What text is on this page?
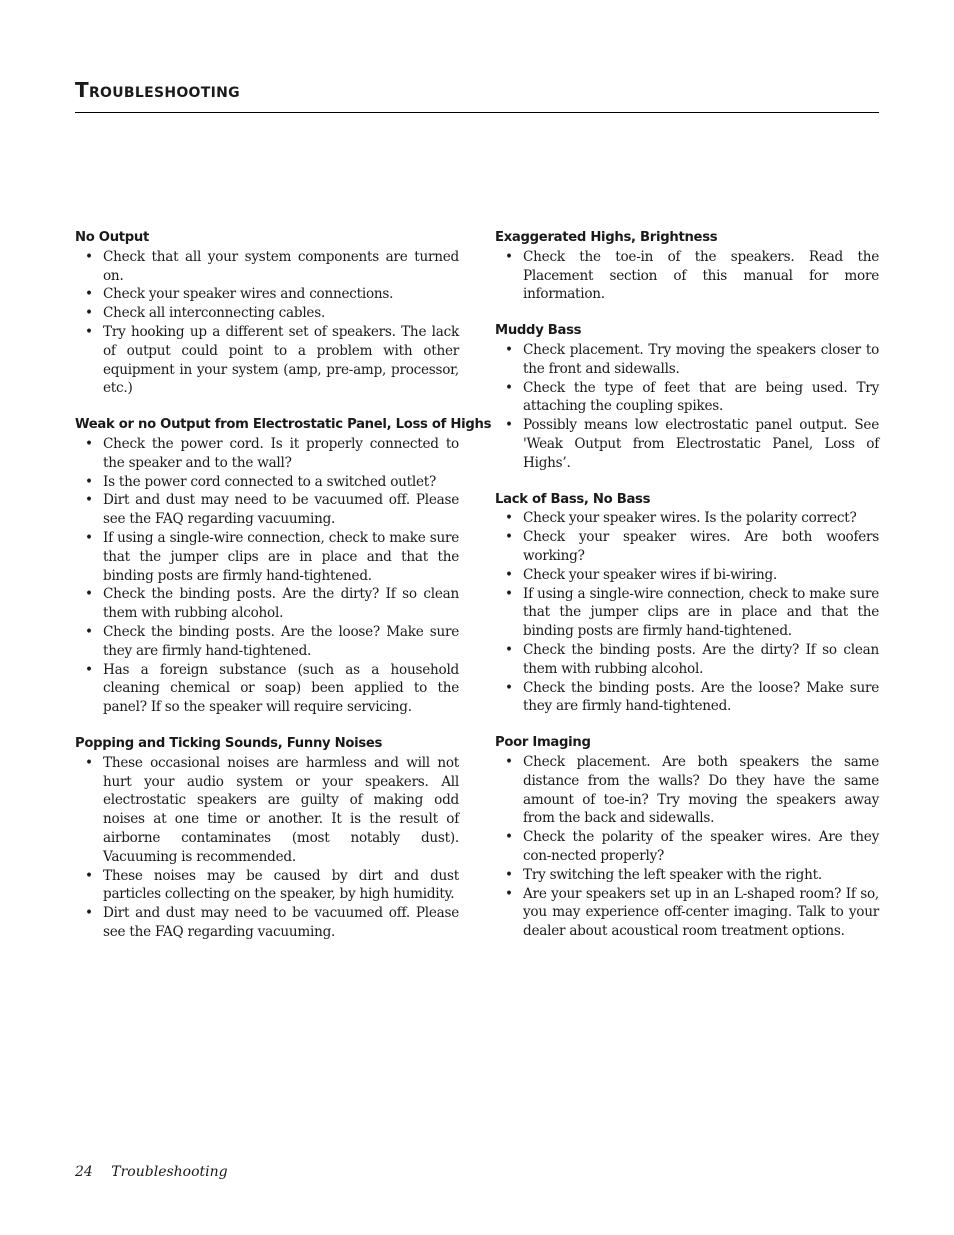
Troubleshooting
No Output
• Check that all your system components are turned on.
• Check your speaker wires and connections.
• Check all interconnecting cables.
• Try hooking up a different set of speakers. The lack of output could point to a problem with other equipment in your system (amp, pre-amp, processor, etc.)
Weak or no Output from Electrostatic Panel, Loss of Highs
• Check the power cord. Is it properly connected to the speaker and to the wall?
• Is the power cord connected to a switched outlet?
• Dirt and dust may need to be vacuumed off. Please see the FAQ regarding vacuuming.
• If using a single-wire connection, check to make sure that the jumper clips are in place and that the binding posts are firmly hand-tightened.
• Check the binding posts. Are the dirty? If so clean them with rubbing alcohol.
• Check the binding posts. Are the loose? Make sure they are firmly hand-tightened.
• Has a foreign substance (such as a household cleaning chemical or soap) been applied to the panel? If so the speaker will require servicing.
Popping and Ticking Sounds, Funny Noises
• These occasional noises are harmless and will not hurt your audio system or your speakers. All electrostatic speakers are guilty of making odd noises at one time or another. It is the result of airborne contaminates (most notably dust). Vacuuming is recommended.
• These noises may be caused by dirt and dust particles collecting on the speaker, by high humidity.
• Dirt and dust may need to be vacuumed off. Please see the FAQ regarding vacuuming.
Exaggerated Highs, Brightness
• Check the toe-in of the speakers. Read the Placement section of this manual for more information.
Muddy Bass
• Check placement. Try moving the speakers closer to the front and sidewalls.
• Check the type of feet that are being used. Try attaching the coupling spikes.
• Possibly means low electrostatic panel output. See 'Weak Output from Electrostatic Panel, Loss of Highs’.
Lack of Bass, No Bass
• Check your speaker wires. Is the polarity correct?
• Check your speaker wires. Are both woofers working?
• Check your speaker wires if bi-wiring.
• If using a single-wire connection, check to make sure that the jumper clips are in place and that the binding posts are firmly hand-tightened.
• Check the binding posts. Are the dirty? If so clean them with rubbing alcohol.
• Check the binding posts. Are the loose? Make sure they are firmly hand-tightened.
Poor Imaging
• Check placement. Are both speakers the same distance from the walls? Do they have the same amount of toe-in? Try moving the speakers away from the back and sidewalls.
• Check the polarity of the speaker wires. Are they con-nected properly?
• Try switching the left speaker with the right.
• Are your speakers set up in an L-shaped room? If so, you may experience off-center imaging. Talk to your dealer about acoustical room treatment options.
24 Troubleshooting
